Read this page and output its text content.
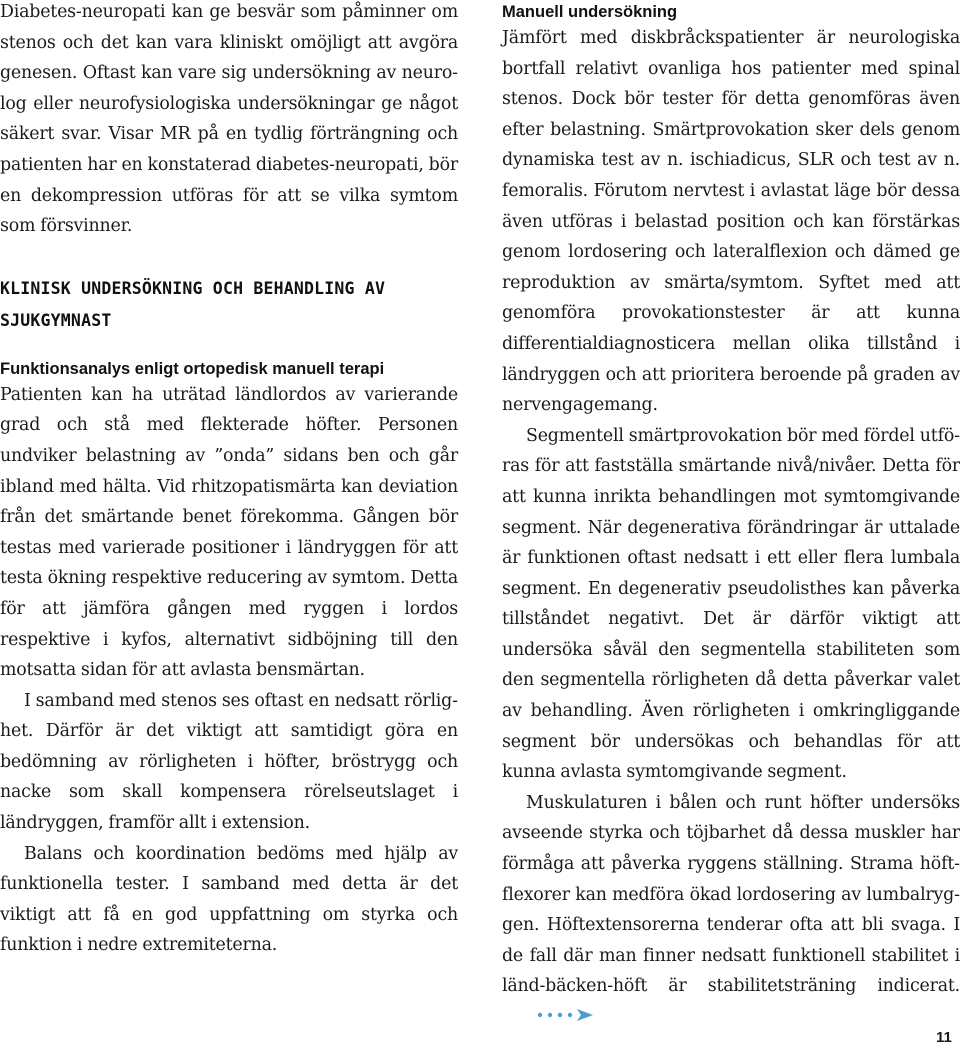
Diabetes-neuropati kan ge besvär som påminner om stenos och det kan vara kliniskt omöjligt att avgöra genesen. Oftast kan vare sig undersökning av neurolog eller neurofysiologiska undersökningar ge något säkert svar. Visar MR på en tydlig förträngning och patienten har en konstaterad diabetes-neuropati, bör en dekompression utföras för att se vilka symtom som försvinner.

KLINISK UNDERSÖKNING OCH BEHANDLING AV SJUKGYMNAST
Funktionsanalys enligt ortopedisk manuell terapi

Patienten kan ha uträtad ländlordos av varierande grad och stå med flekterade höfter. Personen undviker belastning av ”onda” sidans ben och går ibland med hälta. Vid rhitzopatismärta kan deviation från det smärtande benet förekomma. Gången bör testas med varierade positioner i ländryggen för att testa ökning respektive reducering av symtom. Detta för att jämföra gången med ryggen i lordos respektive i kyfos, alternativt sidböjning till den motsatta sidan för att avlasta bensmärtan.

I samband med stenos ses oftast en nedsatt rörlighet. Därför är det viktigt att samtidigt göra en bedömning av rörligheten i höfter, bröstrygg och nacke som skall kompensera rörelseutslaget i ländryggen, framför allt i extension.

Balans och koordination bedöms med hjälp av funktionella tester. I samband med detta är det viktigt att få en god uppfattning om styrka och funktion i nedre extremiteterna.

Manuell undersökning

Jämfört med diskbråckspatienter är neurologiska bortfall relativt ovanliga hos patienter med spinal stenos. Dock bör tester för detta genomföras även efter belastning. Smärtprovokation sker dels genom dynamiska test av n. ischiadicus, SLR och test av n. femoralis. Förutom nervtest i avlastat läge bör dessa även utföras i belastad position och kan förstärkas genom lordosering och lateralflexion och dämed ge reproduktion av smärta/symtom. Syftet med att genomföra provokationstester är att kunna differentialdiagnosticera mellan olika tillstånd i ländryggen och att prioritera beroende på graden av nervengagemang.

Segmentell smärtprovokation bör med fördel utföras för att fastställa smärtande nivå/nivåer. Detta för att kunna inrikta behandlingen mot symtomgivande segment. När degenerativa förändringar är uttalade är funktionen oftast nedsatt i ett eller flera lumbala segment. En degenerativ pseudolisthes kan påverka tillståndet negativt. Det är därför viktigt att undersöka såväl den segmentella stabiliteten som den segmentella rörligheten då detta påverkar valet av behandling. Även rörligheten i omkringliggande segment bör undersökas och behandlas för att kunna avlasta symtomgivande segment.

Muskulaturen i bålen och runt höfter undersöks avseende styrka och töjbarhet då dessa muskler har förmåga att påverka ryggens ställning. Strama höftflexorer kan medföra ökad lordosering av lumbalryggen. Höftextensorerna tenderar ofta att bli svaga. I de fall där man finner nedsatt funktionell stabilitet i länd-bäcken-höft är stabilitetsträning indicerat.

11
